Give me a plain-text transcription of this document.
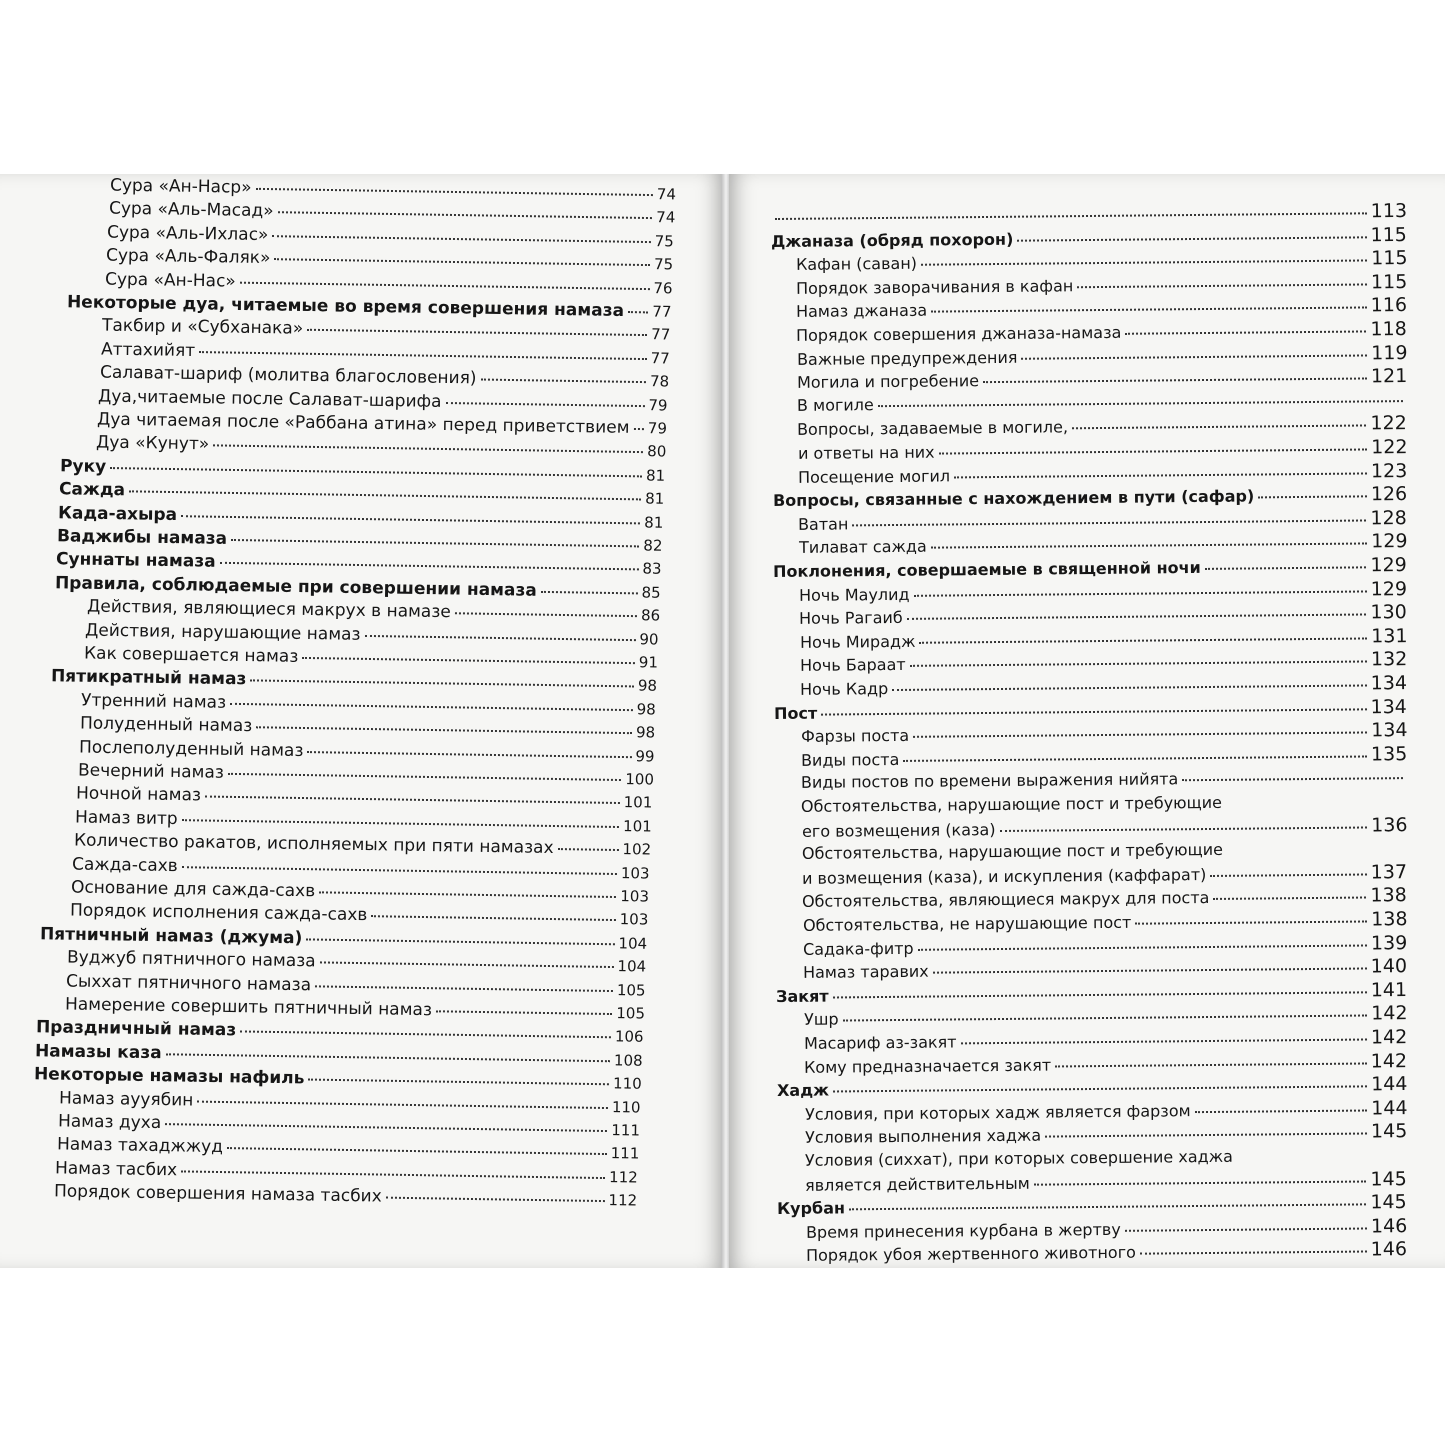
Сура «Ан-Наср»	74
Сура «Аль-Масад»	74
Сура «Аль-Ихлас»	75
Сура «Аль-Фаляк»	75
Сура «Ан-Нас»	76
Некоторые дуа, читаемые во время совершения намаза 77
Такбир и «Субханака»	77
Аттахийят	77
Салават-шариф (молитва благословения)	78
Дуа,читаемые после Салават-шарифа	79
Дуа читаемая после «Раббана атина» перед приветствием 79
Дуа «Кунут»	80
Руку	81
Сажда	81
Када-ахыра	81
Ваджибы намаза	82
Суннаты намаза	83
Правила, соблюдаемые при совершении намаза	85
Действия, являющиеся макрух в намазе	86
Действия, нарушающие намаз	90
Как совершается намаз	91
Пятикратный намаз	98
Утренний намаз	98
Полуденный намаз	98
Послеполуденный намаз	99
Вечерний намаз	100
Ночной намаз	101
Намаз витр	101
Количество ракатов, исполняемых при пяти намазах	102
Сажда-сахв	103
Основание для сажда-сахв	103
Порядок исполнения сажда-сахв	103
Пятничный намаз (джума)	104
Вуджуб пятничного намаза	104
Сыххат пятничного намаза	105
Намерение совершить пятничный намаз	105
Праздничный намаз	106
Намазы каза	108
Некоторые намазы нафиль	110
Намаз аууябин	110
Намаз духа	111
Намаз тахаджжуд	111
Намаз тасбих	112
Порядок совершения намаза тасбих	112
113
Джаназа (обряд похорон)	115
Кафан (саван)	115
Порядок заворачивания в кафан	115
Намаз джаназа	116
Порядок совершения джаназа-намаза	118
Важные предупреждения	119
Могила и погребение	121
В могиле
Вопросы, задаваемые в могиле,	122
и ответы на них	122
Посещение могил	123
Вопросы, связанные с нахождением в пути (сафар)	126
Ватан	128
Тилават сажда	129
Поклонения, совершаемые в священной ночи	129
Ночь Маулид	129
Ночь Рагаиб	130
Ночь Мирадж	131
Ночь Бараат	132
Ночь Кадр	134
Пост	134
Фарзы поста	134
Виды поста	135
Виды постов по времени выражения нийята
Обстоятельства, нарушающие пост и требующие
его возмещения (каза)	136
Обстоятельства, нарушающие пост и требующие
и возмещения (каза), и искупления (каффарат)	137
Обстоятельства, являющиеся макрух для поста	138
Обстоятельства, не нарушающие пост	138
Садака-фитр	139
Намаз таравих	140
Закят	141
Ушр	142
Масариф аз-закят	142
Кому предназначается закят	142
Хадж	144
Условия, при которых хадж является фарзом	144
Условия выполнения хаджа	145
Условия (сиххат), при которых совершение хаджа
является действительным	145
Курбан	145
Время принесения курбана в жертву	146
Порядок убоя жертвенного животного	146
